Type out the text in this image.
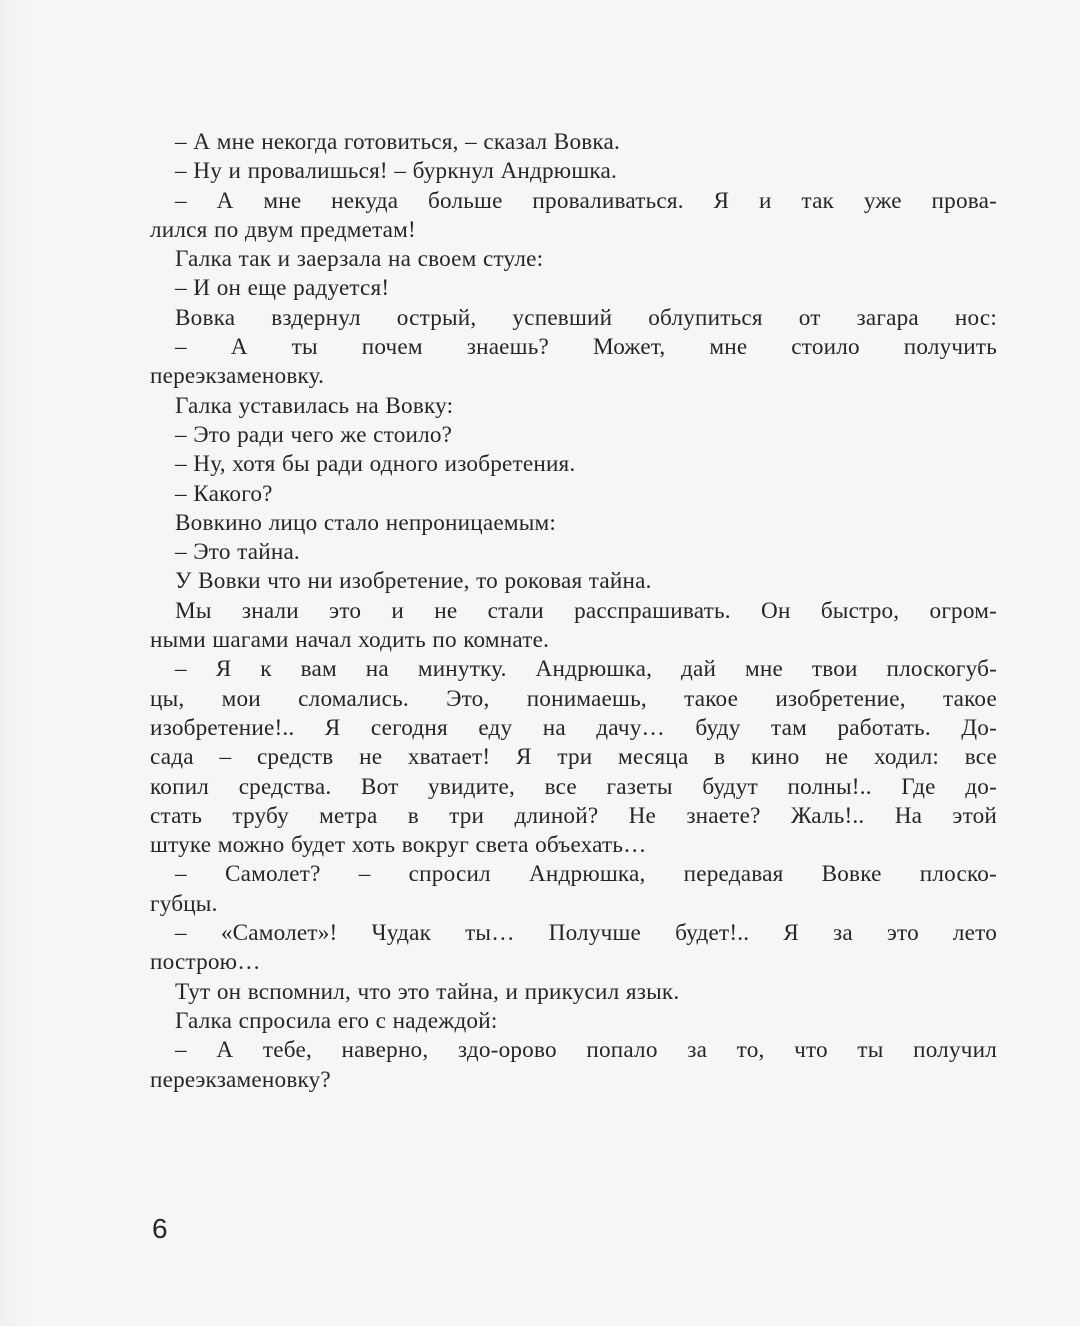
– А мне некогда готовиться, – сказал Вовка.
– Ну и провалишься! – буркнул Андрюшка.
– А мне некуда больше проваливаться. Я и так уже прова-
лился по двум предметам!
Галка так и заерзала на своем стуле:
– И он еще радуется!
Вовка вздернул острый, успевший облупиться от загара нос:
– А ты почем знаешь? Может, мне стоило получить
переэкзаменовку.
Галка уставилась на Вовку:
– Это ради чего же стоило?
– Ну, хотя бы ради одного изобретения.
– Какого?
Вовкино лицо стало непроницаемым:
– Это тайна.
У Вовки что ни изобретение, то роковая тайна.
Мы знали это и не стали расспрашивать. Он быстро, огром-
ными шагами начал ходить по комнате.
– Я к вам на минутку. Андрюшка, дай мне твои плоскогуб-
цы, мои сломались. Это, понимаешь, такое изобретение, такое
изобретение!.. Я сегодня еду на дачу… буду там работать. До-
сада – средств не хватает! Я три месяца в кино не ходил: все
копил средства. Вот увидите, все газеты будут полны!.. Где до-
стать трубу метра в три длиной? Не знаете? Жаль!.. На этой
штуке можно будет хоть вокруг света объехать…
– Самолет? – спросил Андрюшка, передавая Вовке плоско-
губцы.
– «Самолет»! Чудак ты… Получше будет!.. Я за это лето
построю…
Тут он вспомнил, что это тайна, и прикусил язык.
Галка спросила его с надеждой:
– А тебе, наверно, здо-орово попало за то, что ты получил
переэкзаменовку?
6
